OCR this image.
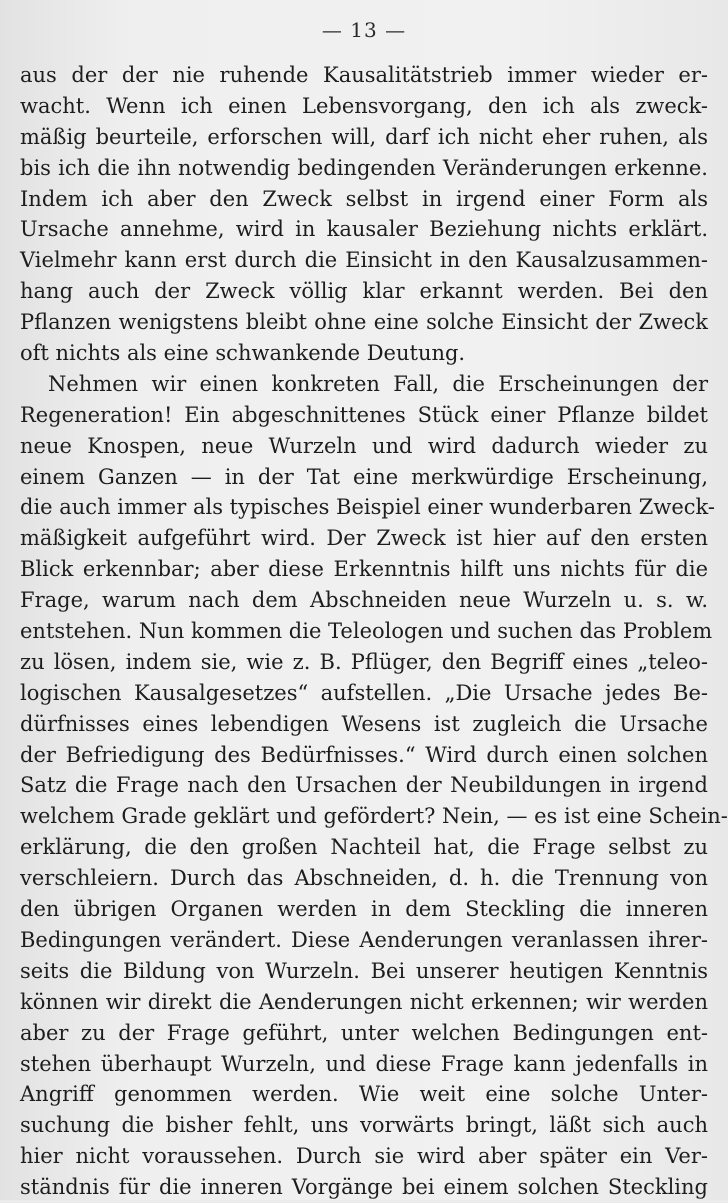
— 13 —
aus der der nie ruhende Kausalitätstrieb immer wieder er-
wacht. Wenn ich einen Lebensvorgang, den ich als zweck-
mäßig beurteile, erforschen will, darf ich nicht eher ruhen, als
bis ich die ihn notwendig bedingenden Veränderungen erkenne.
Indem ich aber den Zweck selbst in irgend einer Form als
Ursache annehme, wird in kausaler Beziehung nichts erklärt.
Vielmehr kann erst durch die Einsicht in den Kausalzusammen-
hang auch der Zweck völlig klar erkannt werden. Bei den
Pflanzen wenigstens bleibt ohne eine solche Einsicht der Zweck
oft nichts als eine schwankende Deutung.
Nehmen wir einen konkreten Fall, die Erscheinungen der
Regeneration! Ein abgeschnittenes Stück einer Pflanze bildet
neue Knospen, neue Wurzeln und wird dadurch wieder zu
einem Ganzen — in der Tat eine merkwürdige Erscheinung,
die auch immer als typisches Beispiel einer wunderbaren Zweck-
mäßigkeit aufgeführt wird. Der Zweck ist hier auf den ersten
Blick erkennbar; aber diese Erkenntnis hilft uns nichts für die
Frage, warum nach dem Abschneiden neue Wurzeln u. s. w.
entstehen. Nun kommen die Teleologen und suchen das Problem
zu lösen, indem sie, wie z. B. Pflüger, den Begriff eines „teleo-
logischen Kausalgesetzes“ aufstellen. „Die Ursache jedes Be-
dürfnisses eines lebendigen Wesens ist zugleich die Ursache
der Befriedigung des Bedürfnisses.“ Wird durch einen solchen
Satz die Frage nach den Ursachen der Neubildungen in irgend
welchem Grade geklärt und gefördert? Nein, — es ist eine Schein-
erklärung, die den großen Nachteil hat, die Frage selbst zu
verschleiern. Durch das Abschneiden, d. h. die Trennung von
den übrigen Organen werden in dem Steckling die inneren
Bedingungen verändert. Diese Aenderungen veranlassen ihrer-
seits die Bildung von Wurzeln. Bei unserer heutigen Kenntnis
können wir direkt die Aenderungen nicht erkennen; wir werden
aber zu der Frage geführt, unter welchen Bedingungen ent-
stehen überhaupt Wurzeln, und diese Frage kann jedenfalls in
Angriff genommen werden. Wie weit eine solche Unter-
suchung die bisher fehlt, uns vorwärts bringt, läßt sich auch
hier nicht voraussehen. Durch sie wird aber später ein Ver-
ständnis für die inneren Vorgänge bei einem solchen Steckling
